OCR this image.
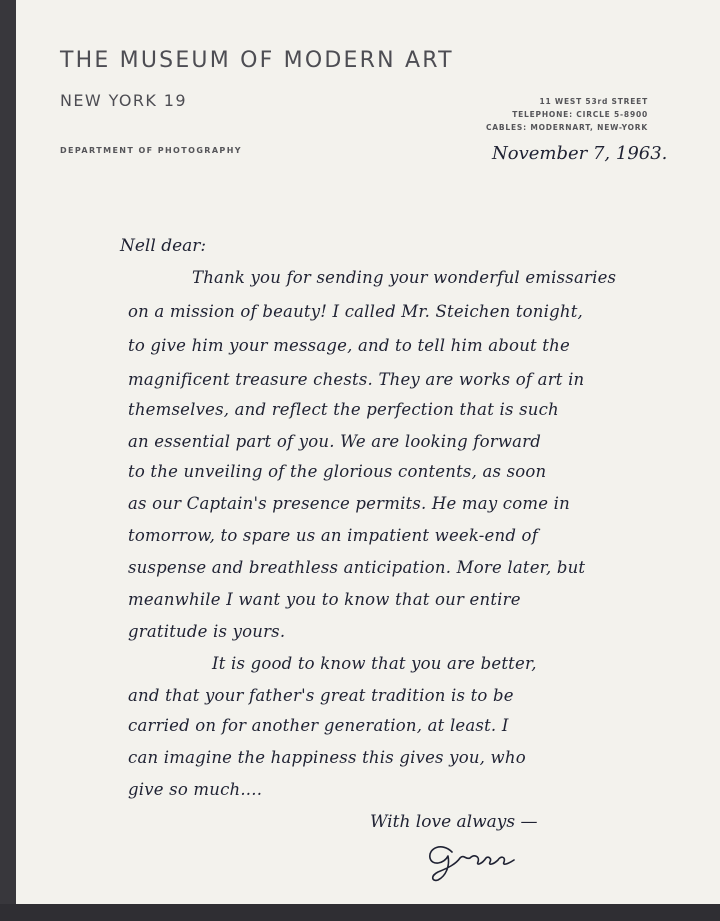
THE MUSEUM OF MODERN ART
NEW YORK 19	11 WEST 53rd STREET
TELEPHONE: CIRCLE 5-8900
CABLES: MODERNART, NEW-YORK
DEPARTMENT OF PHOTOGRAPHY	November 7, 1963.
Nell dear:
Thank you for sending your wonderful emissaries
on a mission of beauty! I called Mr. Steichen tonight,
to give him your message, and to tell him about the
magnificent treasure chests. They are works of art in
themselves, and reflect the perfection that is such
an essential part of you. We are looking forward
to the unveiling of the glorious contents, as soon
as our Captain's presence permits. He may come in
tomorrow, to spare us an impatient week-end of
suspense and breathless anticipation. More later, but
meanwhile I want you to know that our entire
gratitude is yours.
It is good to know that you are better,
and that your father's great tradition is to be
carried on for another generation, at least. I
can imagine the happiness this gives you, who
give so much....
With love always —
